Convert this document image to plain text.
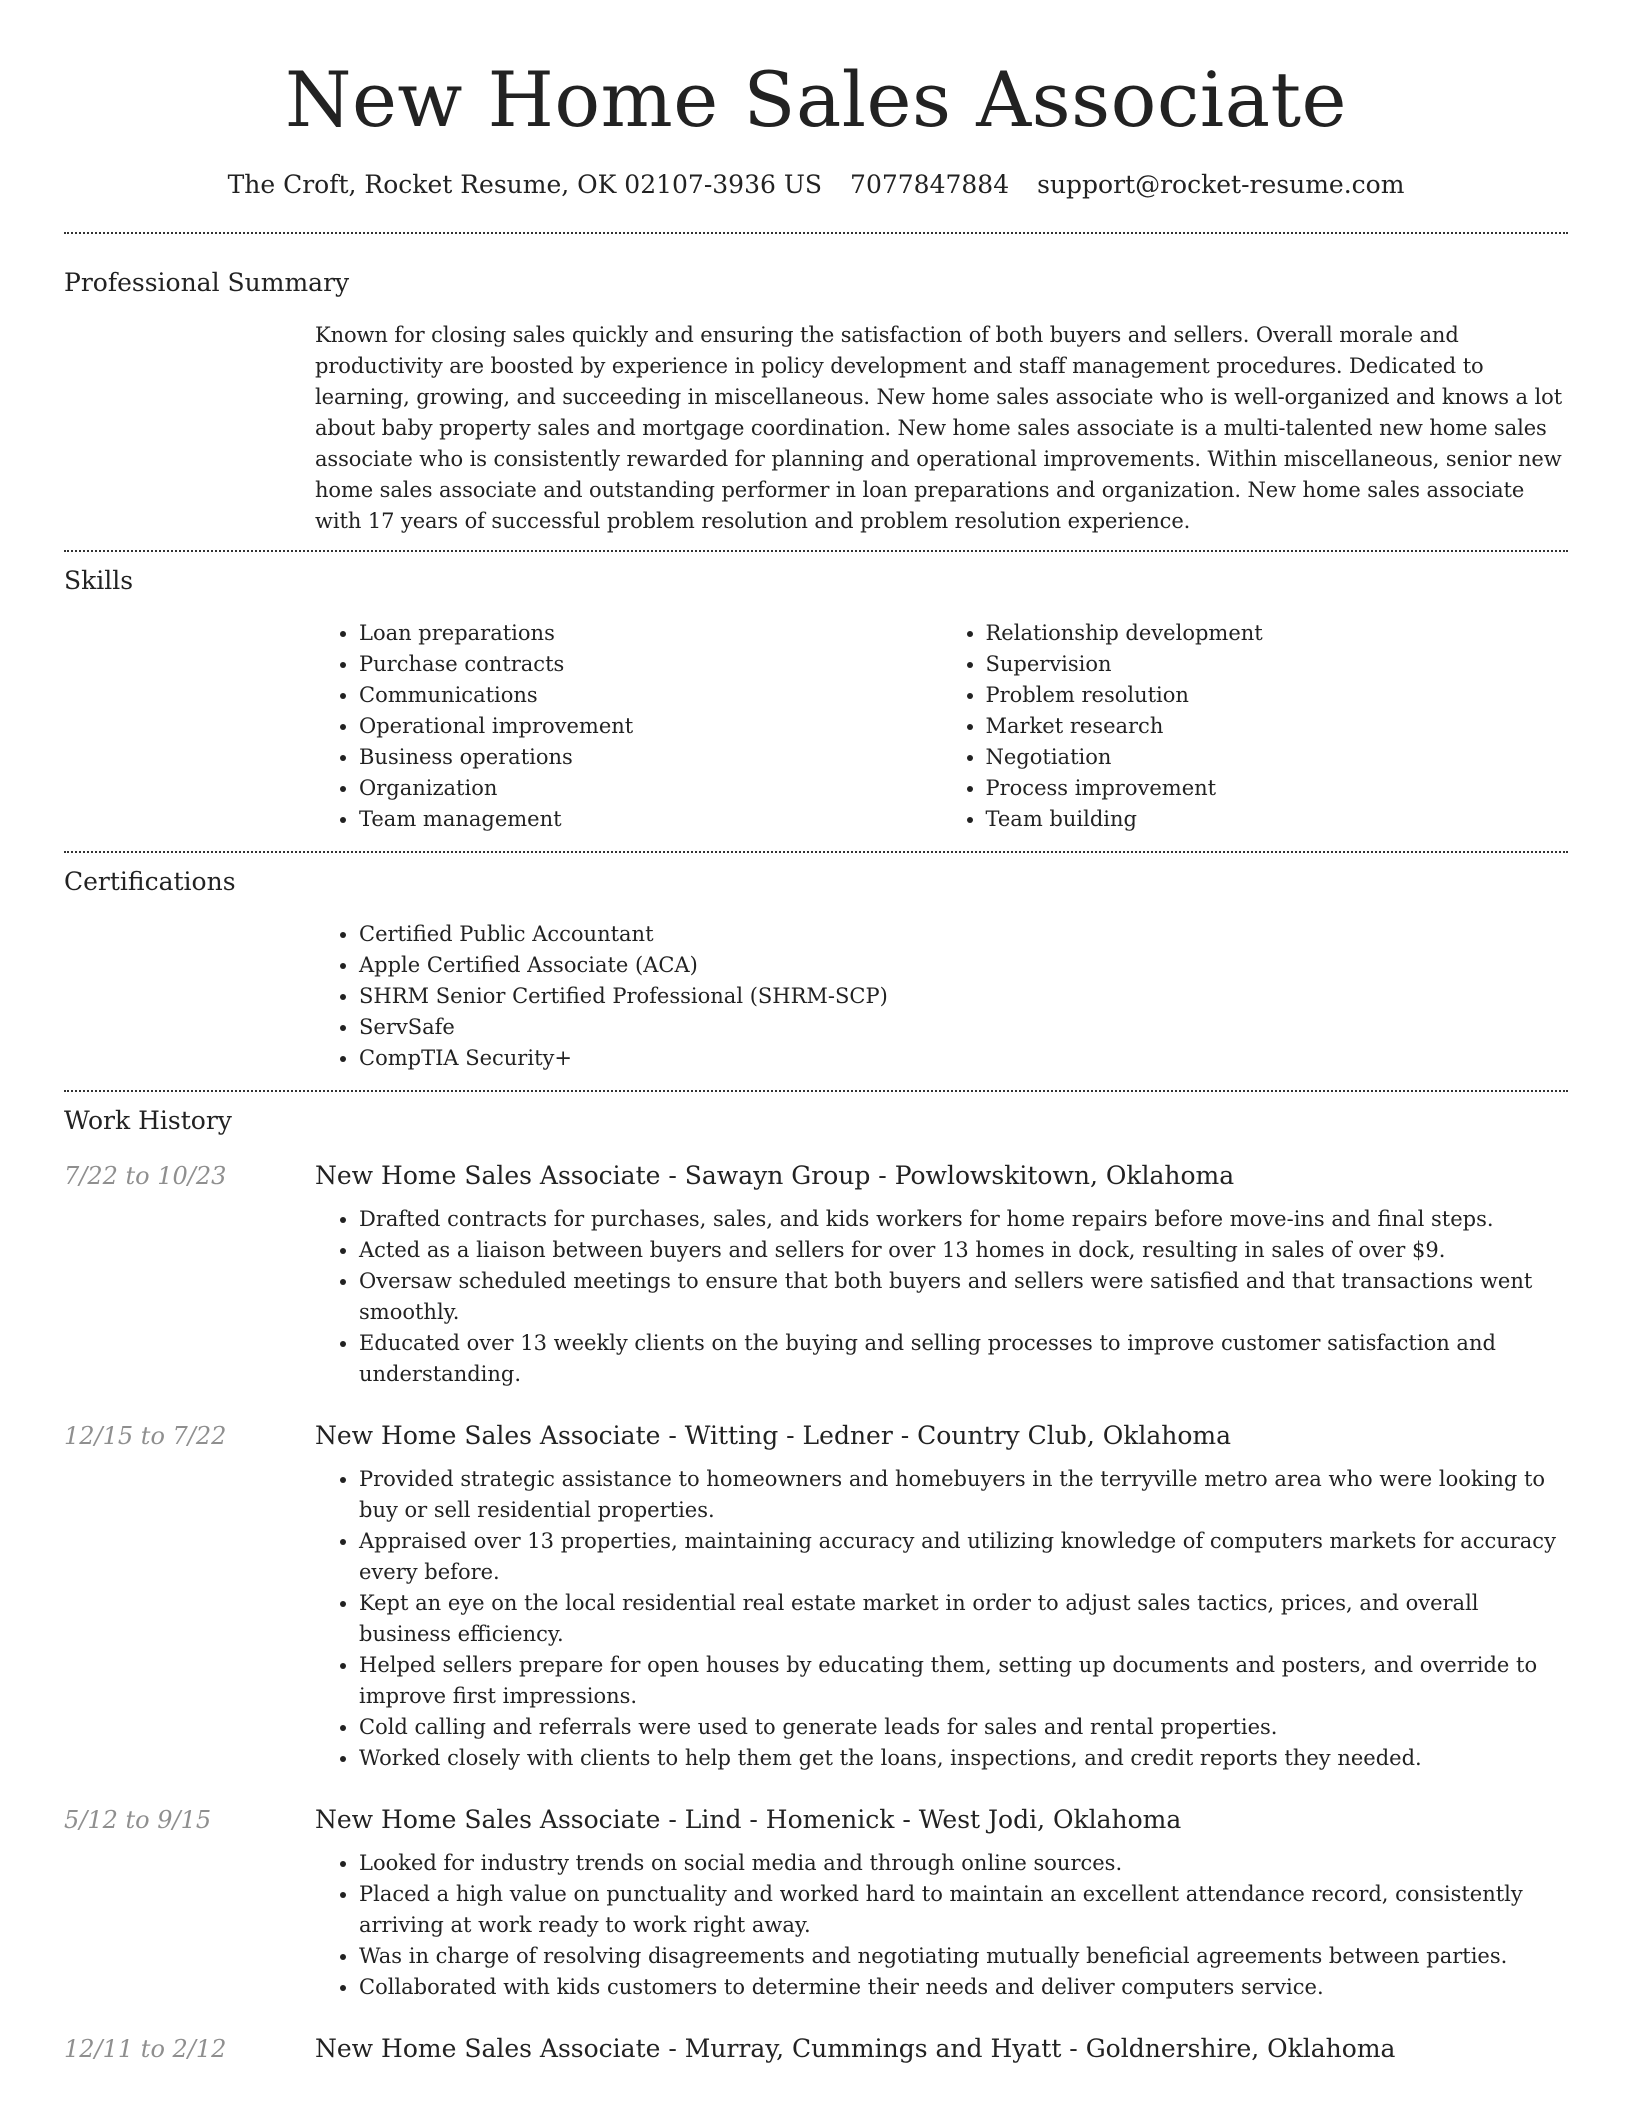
New Home Sales Associate
The Croft, Rocket Resume, OK 02107-3936 US 7077847884 support@rocket-resume.com
Professional Summary

Known for closing sales quickly and ensuring the satisfaction of both buyers and sellers. Overall morale and productivity are boosted by experience in policy development and staff management procedures. Dedicated to learning, growing, and succeeding in miscellaneous. New home sales associate who is well-organized and knows a lot about baby property sales and mortgage coordination. New home sales associate is a multi-talented new home sales associate who is consistently rewarded for planning and operational improvements. Within miscellaneous, senior new home sales associate and outstanding performer in loan preparations and organization. New home sales associate with 17 years of successful problem resolution and problem resolution experience.

Skills
• Loan preparations
• Purchase contracts
• Communications
• Operational improvement
• Business operations
• Organization
• Team management
• Relationship development
• Supervision
• Problem resolution
• Market research
• Negotiation
• Process improvement
• Team building
Certifications
• Certified Public Accountant
• Apple Certified Associate (ACA)
• SHRM Senior Certified Professional (SHRM-SCP)
• ServSafe
• CompTIA Security+
Work History
7/22 to 10/23	New Home Sales Associate - Sawayn Group - Powlowskitown, Oklahoma
• Drafted contracts for purchases, sales, and kids workers for home repairs before move-ins and final steps.
• Acted as a liaison between buyers and sellers for over 13 homes in dock, resulting in sales of over $9.
• Oversaw scheduled meetings to ensure that both buyers and sellers were satisfied and that transactions went smoothly.
• Educated over 13 weekly clients on the buying and selling processes to improve customer satisfaction and understanding.
12/15 to 7/22	New Home Sales Associate - Witting - Ledner - Country Club, Oklahoma
• Provided strategic assistance to homeowners and homebuyers in the terryville metro area who were looking to buy or sell residential properties.
• Appraised over 13 properties, maintaining accuracy and utilizing knowledge of computers markets for accuracy every before.
• Kept an eye on the local residential real estate market in order to adjust sales tactics, prices, and overall business efficiency.
• Helped sellers prepare for open houses by educating them, setting up documents and posters, and override to improve first impressions.
• Cold calling and referrals were used to generate leads for sales and rental properties.
• Worked closely with clients to help them get the loans, inspections, and credit reports they needed.
5/12 to 9/15	New Home Sales Associate - Lind - Homenick - West Jodi, Oklahoma
• Looked for industry trends on social media and through online sources.
• Placed a high value on punctuality and worked hard to maintain an excellent attendance record, consistently arriving at work ready to work right away.
• Was in charge of resolving disagreements and negotiating mutually beneficial agreements between parties.
• Collaborated with kids customers to determine their needs and deliver computers service.
12/11 to 2/12	New Home Sales Associate - Murray, Cummings and Hyatt - Goldnershire, Oklahoma
